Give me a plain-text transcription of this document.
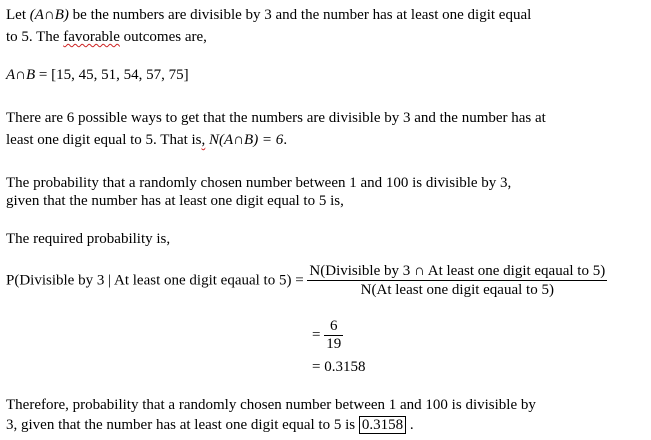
Let (A∩B) be the numbers are divisible by 3 and the number has at least one digit equal
to 5. The favorable outcomes are,
A∩B = [15, 45, 51, 54, 57, 75]
There are 6 possible ways to get that the numbers are divisible by 3 and the number has at
least one digit equal to 5. That is, N(A∩B) = 6.
The probability that a randomly chosen number between 1 and 100 is divisible by 3,
given that the number has at least one digit equal to 5 is,
The required probability is,
P(Divisible by 3 | At least one digit eqaual to $5) = \frac{\text{N(Divisible by 3 ∩ At least one digit eqaual to 5)}}{\text{N(At least one digit eqaual to 5)}}$
= $\frac{6}{19}$
= 0.3158
Therefore, probability that a randomly chosen number between 1 and 100 is divisible by
3, given that the number has at least one digit equal to 5 is 0.3158 .
